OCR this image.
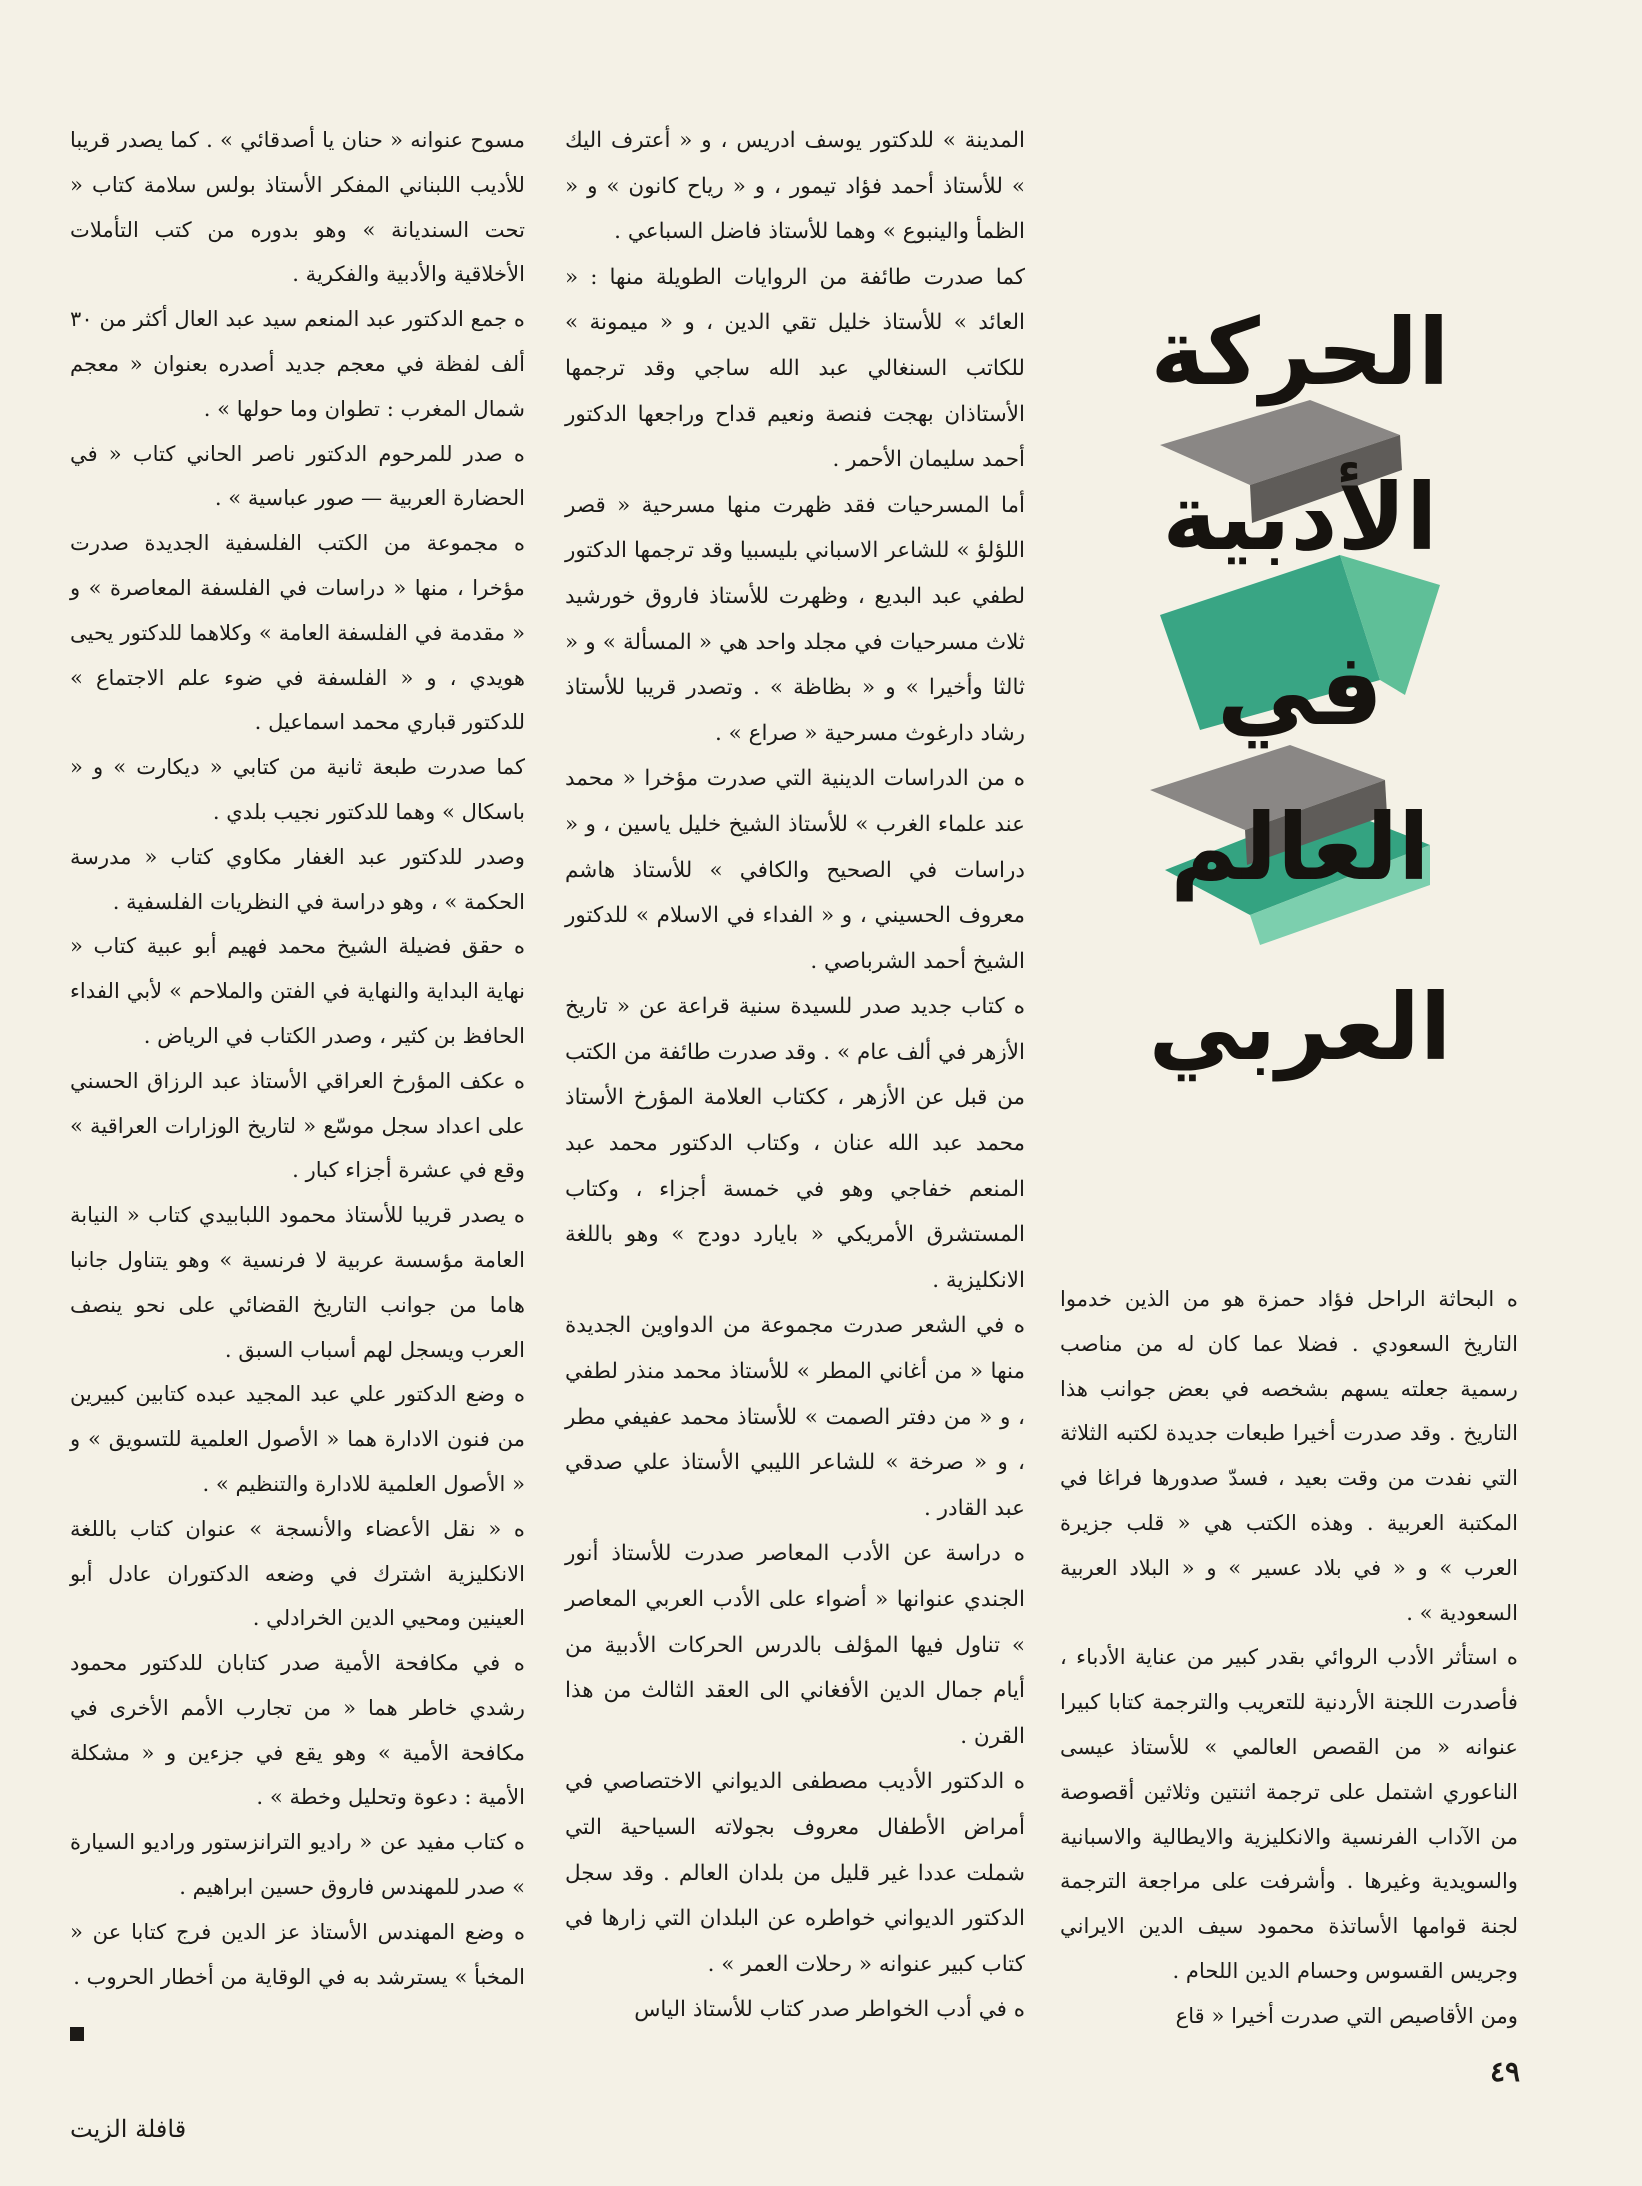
الحركة
الأدبية
في
العالم
العربي

ه البحاثة الراحل فؤاد حمزة هو من الذين خدموا التاريخ السعودي . فضلا عما كان له من مناصب رسمية جعلته يسهم بشخصه في بعض جوانب هذا التاريخ . وقد صدرت أخيرا طبعات جديدة لكتبه الثلاثة التي نفدت من وقت بعيد ، فسدّ صدورها فراغا في المكتبة العربية . وهذه الكتب هي « قلب جزيرة العرب » و « في بلاد عسير » و « البلاد العربية السعودية » .

ه استأثر الأدب الروائي بقدر كبير من عناية الأدباء ، فأصدرت اللجنة الأردنية للتعريب والترجمة كتابا كبيرا عنوانه « من القصص العالمي » للأستاذ عيسى الناعوري اشتمل على ترجمة اثنتين وثلاثين أقصوصة من الآداب الفرنسية والانكليزية والايطالية والاسبانية والسويدية وغيرها . وأشرفت على مراجعة الترجمة لجنة قوامها الأساتذة محمود سيف الدين الايراني وجريس القسوس وحسام الدين اللحام .

ومن الأقاصيص التي صدرت أخيرا « قاع

المدينة » للدكتور يوسف ادريس ، و « أعترف اليك » للأستاذ أحمد فؤاد تيمور ، و « رياح كانون » و « الظمأ والينبوع » وهما للأستاذ فاضل السباعي .

كما صدرت طائفة من الروايات الطويلة منها : « العائد » للأستاذ خليل تقي الدين ، و « ميمونة » للكاتب السنغالي عبد الله ساجي وقد ترجمها الأستاذان بهجت فنصة ونعيم قداح وراجعها الدكتور أحمد سليمان الأحمر .

أما المسرحيات فقد ظهرت منها مسرحية « قصر اللؤلؤ » للشاعر الاسباني بليسبيا وقد ترجمها الدكتور لطفي عبد البديع ، وظهرت للأستاذ فاروق خورشيد ثلاث مسرحيات في مجلد واحد هي « المسألة » و « ثالثا وأخيرا » و « بظاظة » . وتصدر قريبا للأستاذ رشاد دارغوث مسرحية « صراع » .

ه من الدراسات الدينية التي صدرت مؤخرا « محمد عند علماء الغرب » للأستاذ الشيخ خليل ياسين ، و « دراسات في الصحيح والكافي » للأستاذ هاشم معروف الحسيني ، و « الفداء في الاسلام » للدكتور الشيخ أحمد الشرباصي .

ه كتاب جديد صدر للسيدة سنية قراعة عن « تاريخ الأزهر في ألف عام » . وقد صدرت طائفة من الكتب من قبل عن الأزهر ، ككتاب العلامة المؤرخ الأستاذ محمد عبد الله عنان ، وكتاب الدكتور محمد عبد المنعم خفاجي وهو في خمسة أجزاء ، وكتاب المستشرق الأمريكي « بايارد دودج » وهو باللغة الانكليزية .

ه في الشعر صدرت مجموعة من الدواوين الجديدة منها « من أغاني المطر » للأستاذ محمد منذر لطفي ، و « من دفتر الصمت » للأستاذ محمد عفيفي مطر ، و « صرخة » للشاعر الليبي الأستاذ علي صدقي عبد القادر .

ه دراسة عن الأدب المعاصر صدرت للأستاذ أنور الجندي عنوانها « أضواء على الأدب العربي المعاصر » تناول فيها المؤلف بالدرس الحركات الأدبية من أيام جمال الدين الأفغاني الى العقد الثالث من هذا القرن .

ه الدكتور الأديب مصطفى الديواني الاختصاصي في أمراض الأطفال معروف بجولاته السياحية التي شملت عددا غير قليل من بلدان العالم . وقد سجل الدكتور الديواني خواطره عن البلدان التي زارها في كتاب كبير عنوانه « رحلات العمر » .

ه في أدب الخواطر صدر كتاب للأستاذ الياس

مسوح عنوانه « حنان يا أصدقائي » . كما يصدر قريبا للأديب اللبناني المفكر الأستاذ بولس سلامة كتاب « تحت السنديانة » وهو بدوره من كتب التأملات الأخلاقية والأدبية والفكرية .

ه جمع الدكتور عبد المنعم سيد عبد العال أكثر من ٣٠ ألف لفظة في معجم جديد أصدره بعنوان « معجم شمال المغرب : تطوان وما حولها » .

ه صدر للمرحوم الدكتور ناصر الحاني كتاب « في الحضارة العربية — صور عباسية » .

ه مجموعة من الكتب الفلسفية الجديدة صدرت مؤخرا ، منها « دراسات في الفلسفة المعاصرة » و « مقدمة في الفلسفة العامة » وكلاهما للدكتور يحيى هويدي ، و « الفلسفة في ضوء علم الاجتماع » للدكتور قباري محمد اسماعيل .

كما صدرت طبعة ثانية من كتابي « ديكارت » و « باسكال » وهما للدكتور نجيب بلدي .

وصدر للدكتور عبد الغفار مكاوي كتاب « مدرسة الحكمة » ، وهو دراسة في النظريات الفلسفية .

ه حقق فضيلة الشيخ محمد فهيم أبو عبية كتاب « نهاية البداية والنهاية في الفتن والملاحم » لأبي الفداء الحافظ بن كثير ، وصدر الكتاب في الرياض .

ه عكف المؤرخ العراقي الأستاذ عبد الرزاق الحسني على اعداد سجل موسّع « لتاريخ الوزارات العراقية » وقع في عشرة أجزاء كبار .

ه يصدر قريبا للأستاذ محمود اللبابيدي كتاب « النيابة العامة مؤسسة عربية لا فرنسية » وهو يتناول جانبا هاما من جوانب التاريخ القضائي على نحو ينصف العرب ويسجل لهم أسباب السبق .

ه وضع الدكتور علي عبد المجيد عبده كتابين كبيرين من فنون الادارة هما « الأصول العلمية للتسويق » و « الأصول العلمية للادارة والتنظيم » .

ه « نقل الأعضاء والأنسجة » عنوان كتاب باللغة الانكليزية اشترك في وضعه الدكتوران عادل أبو العينين ومحيي الدين الخرادلي .

ه في مكافحة الأمية صدر كتابان للدكتور محمود رشدي خاطر هما « من تجارب الأمم الأخرى في مكافحة الأمية » وهو يقع في جزءين و « مشكلة الأمية : دعوة وتحليل وخطة » .

ه كتاب مفيد عن « راديو الترانزستور وراديو السيارة » صدر للمهندس فاروق حسين ابراهيم .

ه وضع المهندس الأستاذ عز الدين فرج كتابا عن « المخبأ » يسترشد به في الوقاية من أخطار الحروب .

٤٩
قافلة الزيت
